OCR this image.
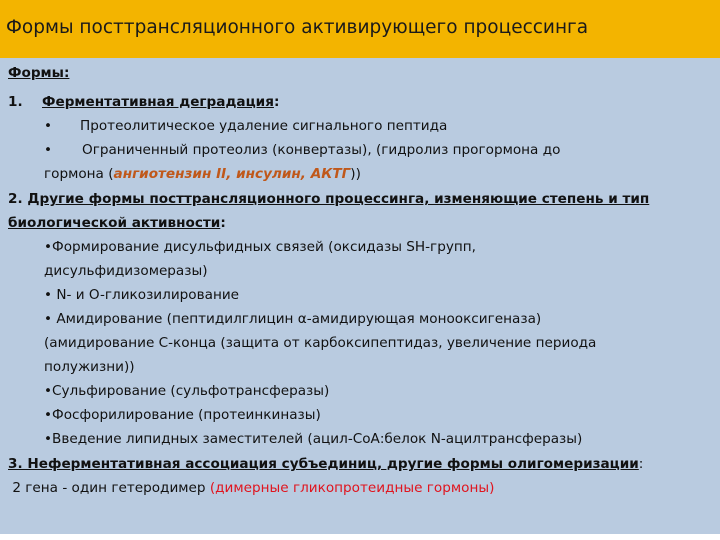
Формы посттрансляционного активирующего процессинга
Формы:
1. Ферментативная деградация:
• Протеолитическое удаление сигнального пептида
• Ограниченный протеолиз (конвертазы), (гидролиз прогормона до
гормона (ангиотензин II, инсулин, АКТГ))
2. Другие формы посттрансляционного процессинга, изменяющие степень и тип
биологической активности:
•Формирование дисульфидных связей (оксидазы SH-групп,
дисульфидизомеразы)
• N- и O-гликозилирование
• Амидирование (пептидилглицин α-амидирующая монооксигеназа)
(амидирование С-конца (защита от карбоксипептидаз, увеличение периода
полужизни))
•Сульфирование (сульфотрансферазы)
•Фосфорилирование (протеинкиназы)
•Введение липидных заместителей (ацил-СоА:белок N-ацилтрансферазы)
3. Неферментативная ассоциация субъединиц, другие формы олигомеризации:
2 гена - один гетеродимер (димерные гликопротеидные гормоны)
